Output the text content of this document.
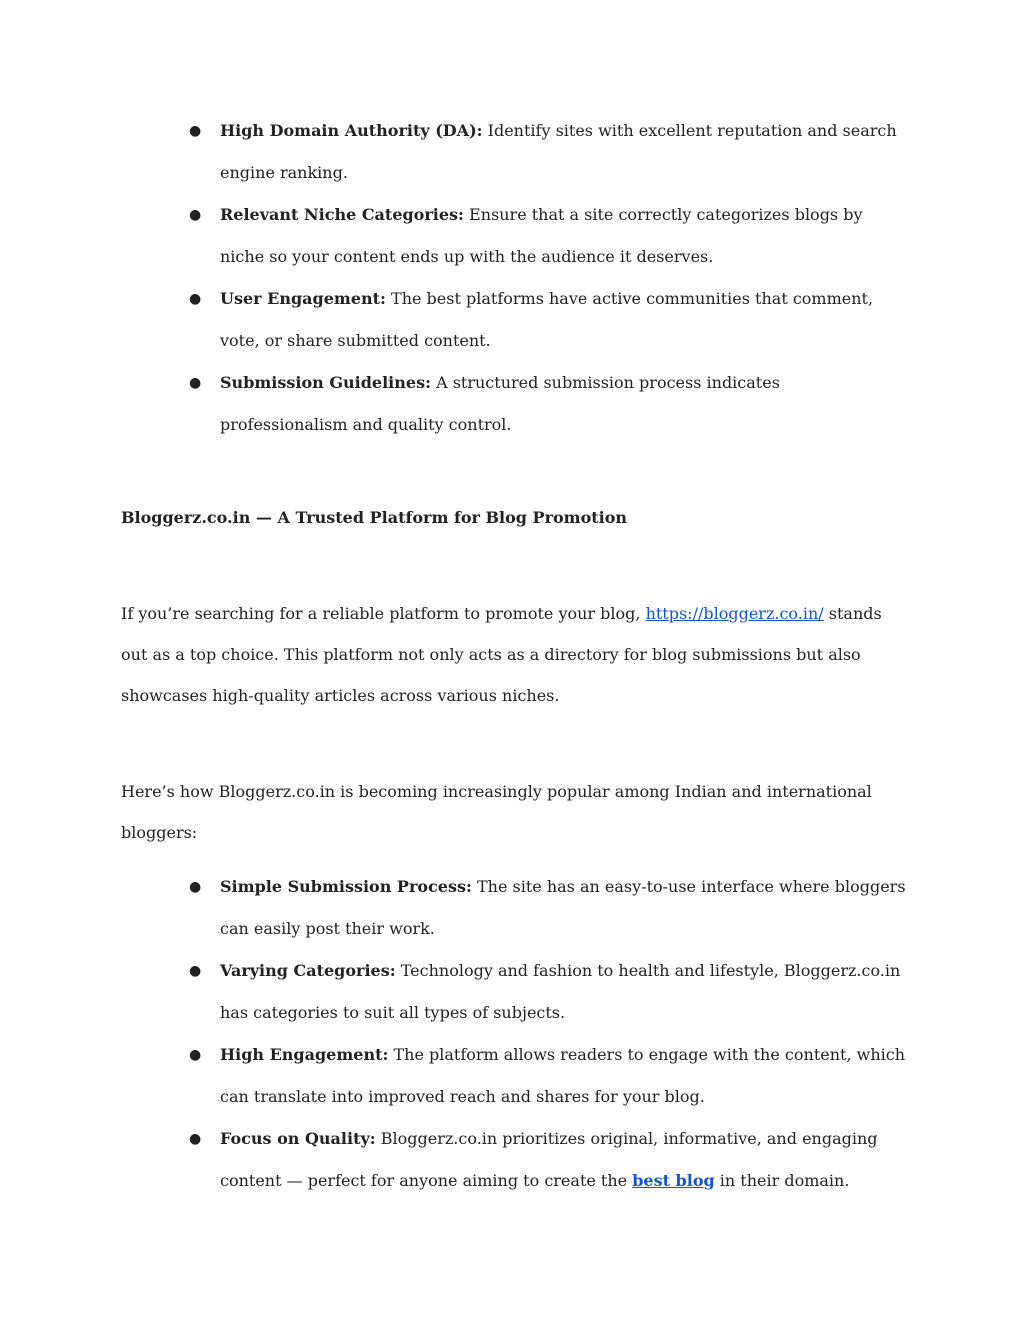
● High Domain Authority (DA): Identify sites with excellent reputation and search engine ranking.
● Relevant Niche Categories: Ensure that a site correctly categorizes blogs by niche so your content ends up with the audience it deserves.
● User Engagement: The best platforms have active communities that comment, vote, or share submitted content.
● Submission Guidelines: A structured submission process indicates professionalism and quality control.
Bloggerz.co.in — A Trusted Platform for Blog Promotion

If you’re searching for a reliable platform to promote your blog, https://bloggerz.co.in/ stands out as a top choice. This platform not only acts as a directory for blog submissions but also showcases high-quality articles across various niches.

Here’s how Bloggerz.co.in is becoming increasingly popular among Indian and international bloggers:

● Simple Submission Process: The site has an easy-to-use interface where bloggers can easily post their work.
● Varying Categories: Technology and fashion to health and lifestyle, Bloggerz.co.in has categories to suit all types of subjects.
● High Engagement: The platform allows readers to engage with the content, which can translate into improved reach and shares for your blog.
● Focus on Quality: Bloggerz.co.in prioritizes original, informative, and engaging content — perfect for anyone aiming to create the best blog in their domain.
